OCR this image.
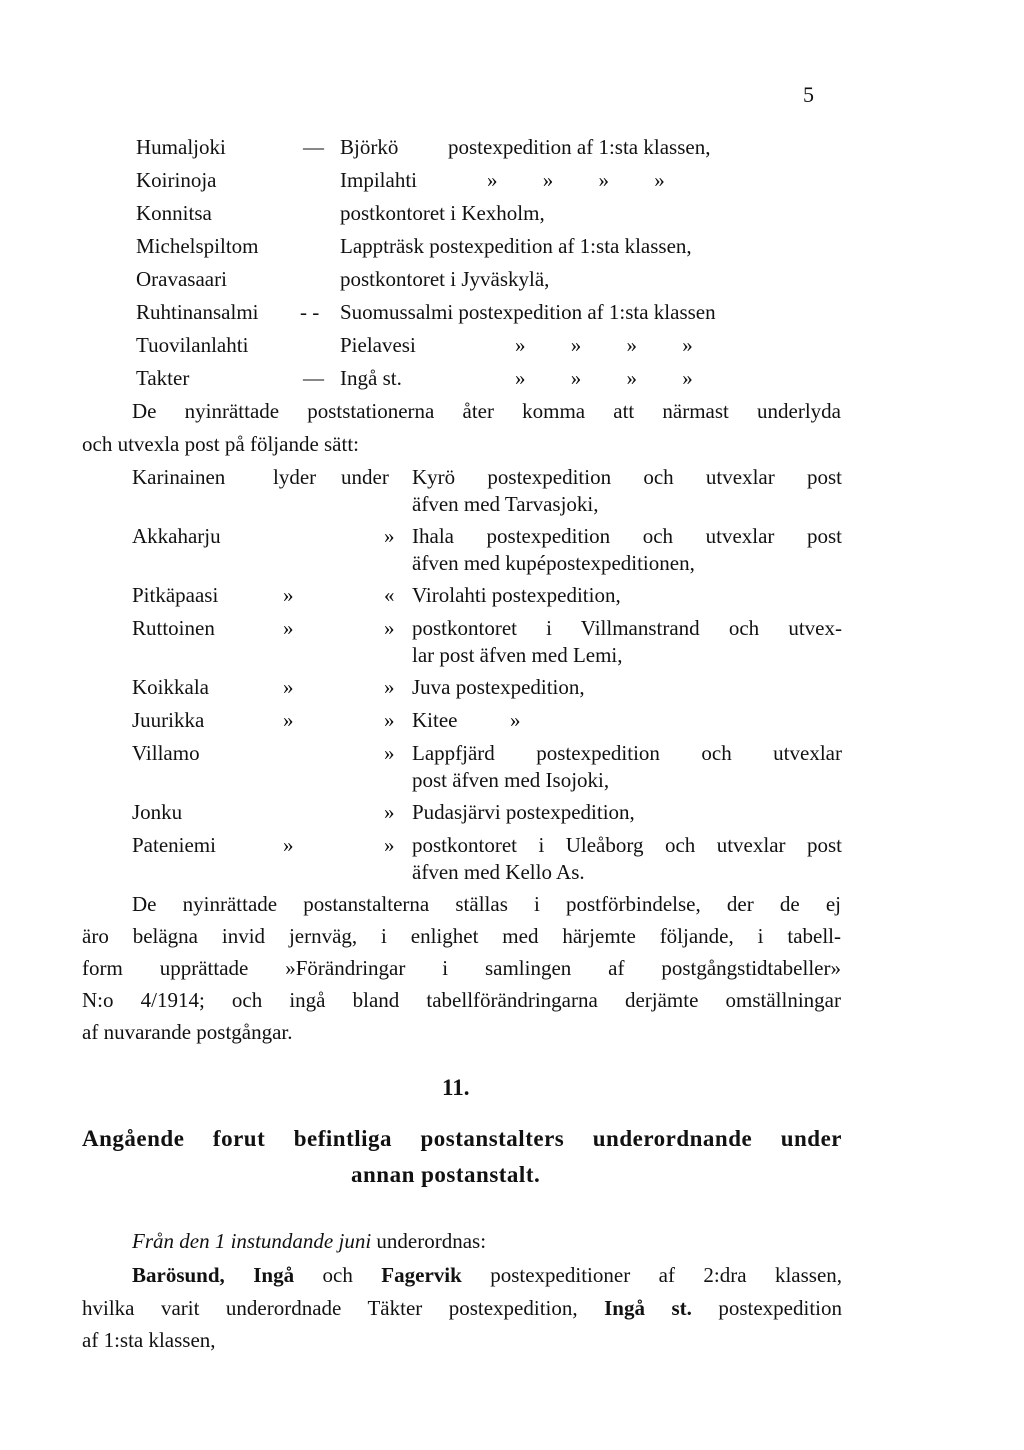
5
Humaljoki	— Björkö postexpedition af 1:sta klassen,
Koirinoja	Impilahti	» » » »
Konnitsa	postkontoret i Kexholm,
Michelspiltom	Lappträsk postexpedition af 1:sta klassen,
Oravasaari	postkontoret i Jyväskylä,
Ruhtinansalmi - - Suomussalmi postexpedition af 1:sta klassen
Tuovilanlahti	Pielavesi	» » » »
Takter	— Ingå st.	» » » »
De nyinrättade poststationerna åter komma att närmast underlyda
och utvexla post på följande sätt:
Karinainen lyder under Kyrö postexpedition och utvexlar post
äfven med Tarvasjoki,
Akkaharju	» Ihala postexpedition och utvexlar post
äfven med kupépostexpeditionen,
Pitkäpaasi	»	« Virolahti postexpedition,
Ruttoinen	»	» postkontoret i Villmanstrand och utvex-
lar post äfven med Lemi,
Koikkala	»	» Juva postexpedition,
Juurikka	»	» Kitee          »
Villamo	» Lappfjärd postexpedition och utvexlar
post äfven med Isojoki,
Jonku	» Pudasjärvi postexpedition,
Pateniemi	»	» postkontoret i Uleåborg och utvexlar post
äfven med Kello As.
De nyinrättade postanstalterna ställas i postförbindelse, der de ej
äro belägna invid jernväg, i enlighet med härjemte följande, i tabell-
form upprättade »Förändringar i samlingen af postgångstidtabeller»
N:o 4/1914; och ingå bland tabellförändringarna derjämte omställningar
af nuvarande postgångar.
11.
Angående forut befintliga postanstalters underordnande under
annan postanstalt.
Från den 1 instundande juni underordnas:
Barösund, Ingå och Fagervik postexpeditioner af 2:dra klassen,
hvilka varit underordnade Täkter postexpedition, Ingå st. postexpedition
af 1:sta klassen,
